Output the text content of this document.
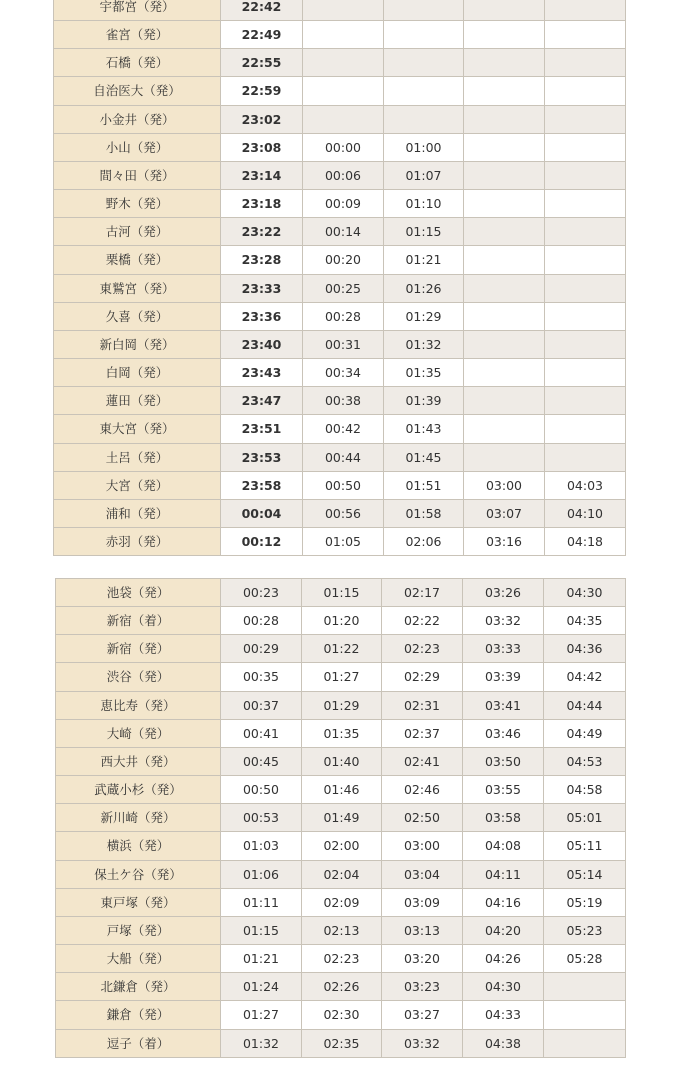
宇都宮（発）	22:42				
雀宮（発）	22:49				
石橋（発）	22:55				
自治医大（発）	22:59				
小金井（発）	23:02				
小山（発）	23:08	00:00	01:00		
間々田（発）	23:14	00:06	01:07		
野木（発）	23:18	00:09	01:10		
古河（発）	23:22	00:14	01:15		
栗橋（発）	23:28	00:20	01:21		
東鷲宮（発）	23:33	00:25	01:26		
久喜（発）	23:36	00:28	01:29		
新白岡（発）	23:40	00:31	01:32		
白岡（発）	23:43	00:34	01:35		
蓮田（発）	23:47	00:38	01:39		
東大宮（発）	23:51	00:42	01:43		
土呂（発）	23:53	00:44	01:45		
大宮（発）	23:58	00:50	01:51	03:00	04:03
浦和（発）	00:04	00:56	01:58	03:07	04:10
赤羽（発）	00:12	01:05	02:06	03:16	04:18
池袋（発）	00:23	01:15	02:17	03:26	04:30
新宿（着）	00:28	01:20	02:22	03:32	04:35
新宿（発）	00:29	01:22	02:23	03:33	04:36
渋谷（発）	00:35	01:27	02:29	03:39	04:42
恵比寿（発）	00:37	01:29	02:31	03:41	04:44
大崎（発）	00:41	01:35	02:37	03:46	04:49
西大井（発）	00:45	01:40	02:41	03:50	04:53
武蔵小杉（発）	00:50	01:46	02:46	03:55	04:58
新川崎（発）	00:53	01:49	02:50	03:58	05:01
横浜（発）	01:03	02:00	03:00	04:08	05:11
保土ケ谷（発）	01:06	02:04	03:04	04:11	05:14
東戸塚（発）	01:11	02:09	03:09	04:16	05:19
戸塚（発）	01:15	02:13	03:13	04:20	05:23
大船（発）	01:21	02:23	03:20	04:26	05:28
北鎌倉（発）	01:24	02:26	03:23	04:30	
鎌倉（発）	01:27	02:30	03:27	04:33	
逗子（着）	01:32	02:35	03:32	04:38	
